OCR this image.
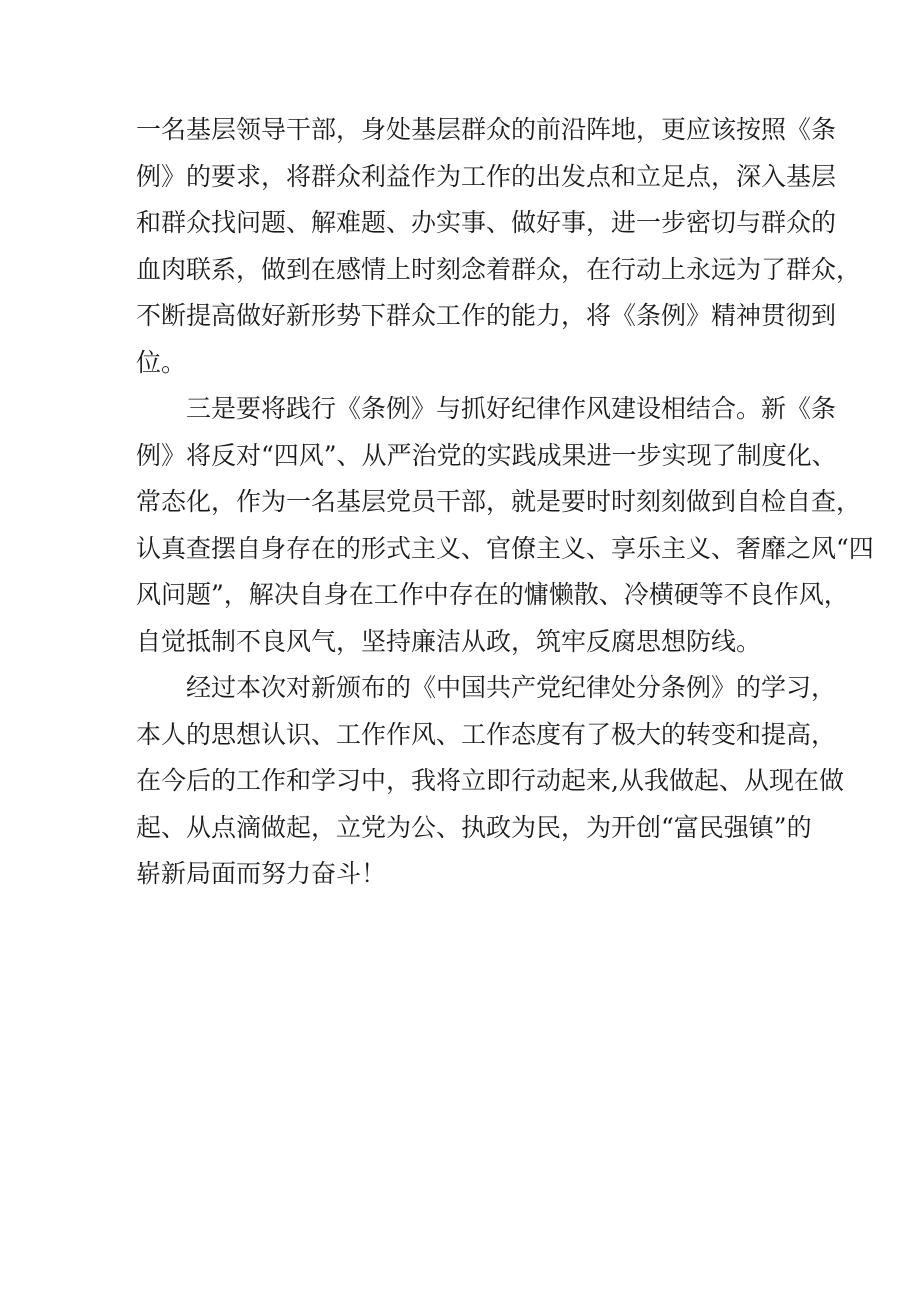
一名基层领导干部，身处基层群众的前沿阵地，更应该按照《条
例》的要求，将群众利益作为工作的出发点和立足点，深入基层
和群众找问题、解难题、办实事、做好事，进一步密切与群众的
血肉联系，做到在感情上时刻念着群众，在行动上永远为了群众，
不断提高做好新形势下群众工作的能力，将《条例》精神贯彻到
位。
三是要将践行《条例》与抓好纪律作风建设相结合。新《条
例》将反对“四风”、从严治党的实践成果进一步实现了制度化、
常态化，作为一名基层党员干部，就是要时时刻刻做到自检自查，
认真查摆自身存在的形式主义、官僚主义、享乐主义、奢靡之风“四
风问题”，解决自身在工作中存在的慵懒散、冷横硬等不良作风，
自觉抵制不良风气，坚持廉洁从政，筑牢反腐思想防线。
经过本次对新颁布的《中国共产党纪律处分条例》的学习，
本人的思想认识、工作作风、工作态度有了极大的转变和提高，
在今后的工作和学习中，我将立即行动起来,从我做起、从现在做
起、从点滴做起，立党为公、执政为民，为开创“富民强镇”的
崭新局面而努力奋斗！
